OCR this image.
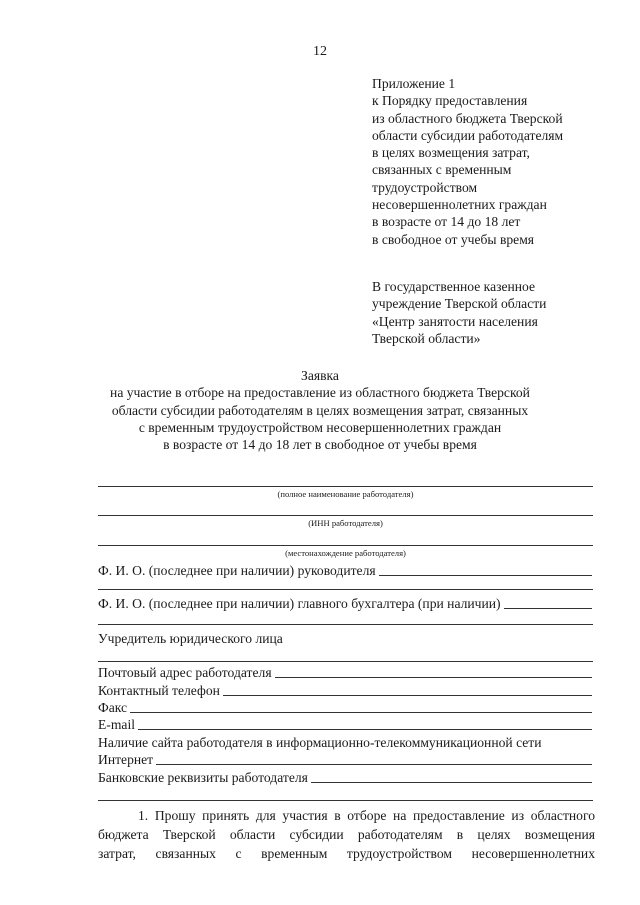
12
Приложение 1
к Порядку предоставления
из областного бюджета Тверской
области субсидии работодателям
в целях возмещения затрат,
связанных с временным
трудоустройством
несовершеннолетних граждан
в возрасте от 14 до 18 лет
в свободное от учебы время
В государственное казенное
учреждение Тверской области
«Центр занятости населения
Тверской области»
Заявка
на участие в отборе на предоставление из областного бюджета Тверской
области субсидии работодателям в целях возмещения затрат, связанных
с временным трудоустройством несовершеннолетних граждан
в возрасте от 14 до 18 лет в свободное от учебы время
(полное наименование работодателя)
(ИНН работодателя)
(местонахождение работодателя)
Ф. И. О. (последнее при наличии) руководителя
Ф. И. О. (последнее при наличии) главного бухгалтера (при наличии)
Учредитель юридического лица
Почтовый адрес работодателя
Контактный телефон
Факс
E-mail
Наличие сайта работодателя в информационно-телекоммуникационной сети
Интернет
Банковские реквизиты работодателя
1. Прошу принять для участия в отборе на предоставление из областного
бюджета Тверской области субсидии работодателям в целях возмещения
затрат, связанных с временным трудоустройством несовершеннолетних
